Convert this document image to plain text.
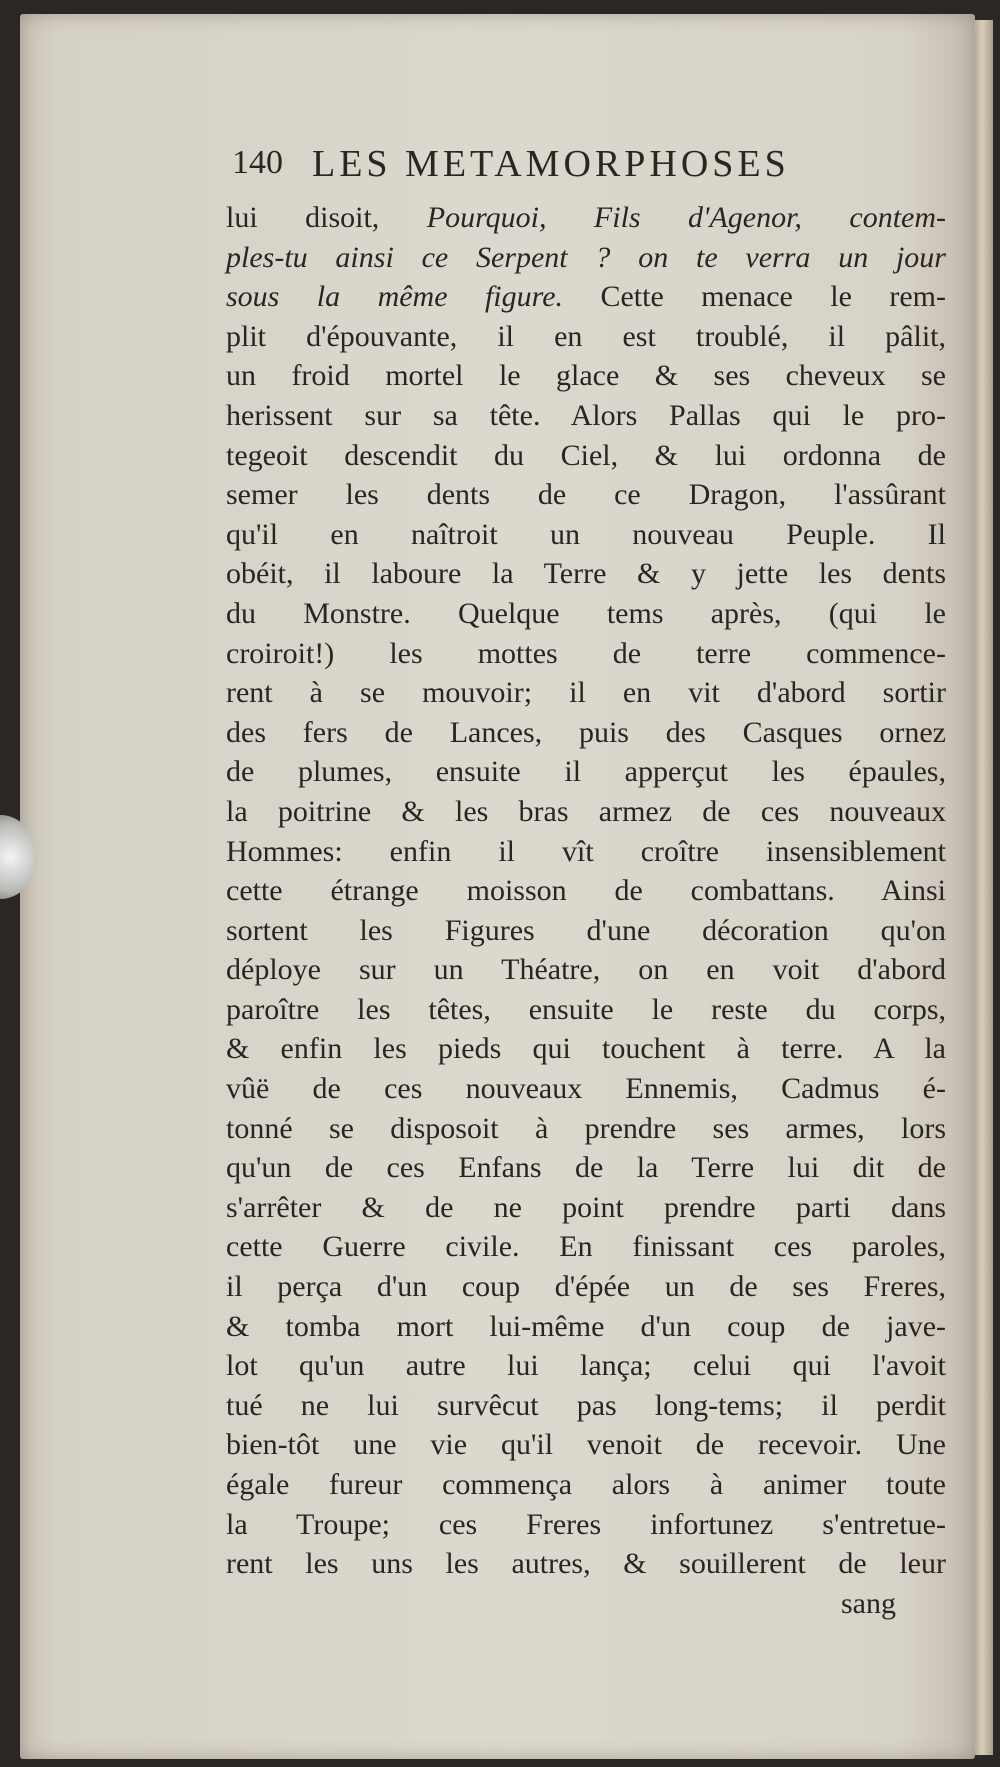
140 LES METAMORPHOSES
lui disoit, Pourquoi, Fils d'Agenor, contem-
ples-tu ainsi ce Serpent ? on te verra un jour
sous la même figure. Cette menace le rem-
plit d'épouvante, il en est troublé, il pâlit,
un froid mortel le glace & ses cheveux se
herissent sur sa tête. Alors Pallas qui le pro-
tegeoit descendit du Ciel, & lui ordonna de
semer les dents de ce Dragon, l'assûrant
qu'il en naîtroit un nouveau Peuple. Il
obéit, il laboure la Terre & y jette les dents
du Monstre. Quelque tems après, (qui le
croiroit!) les mottes de terre commence-
rent à se mouvoir; il en vit d'abord sortir
des fers de Lances, puis des Casques ornez
de plumes, ensuite il apperçut les épaules,
la poitrine & les bras armez de ces nouveaux
Hommes: enfin il vît croître insensiblement
cette étrange moisson de combattans. Ainsi
sortent les Figures d'une décoration qu'on
déploye sur un Théatre, on en voit d'abord
paroître les têtes, ensuite le reste du corps,
& enfin les pieds qui touchent à terre. A la
vûë de ces nouveaux Ennemis, Cadmus é-
tonné se disposoit à prendre ses armes, lors
qu'un de ces Enfans de la Terre lui dit de
s'arrêter & de ne point prendre parti dans
cette Guerre civile. En finissant ces paroles,
il perça d'un coup d'épée un de ses Freres,
& tomba mort lui-même d'un coup de jave-
lot qu'un autre lui lança; celui qui l'avoit
tué ne lui survêcut pas long-tems; il perdit
bien-tôt une vie qu'il venoit de recevoir. Une
égale fureur commença alors à animer toute
la Troupe; ces Freres infortunez s'entretue-
rent les uns les autres, & souillerent de leur
sang
